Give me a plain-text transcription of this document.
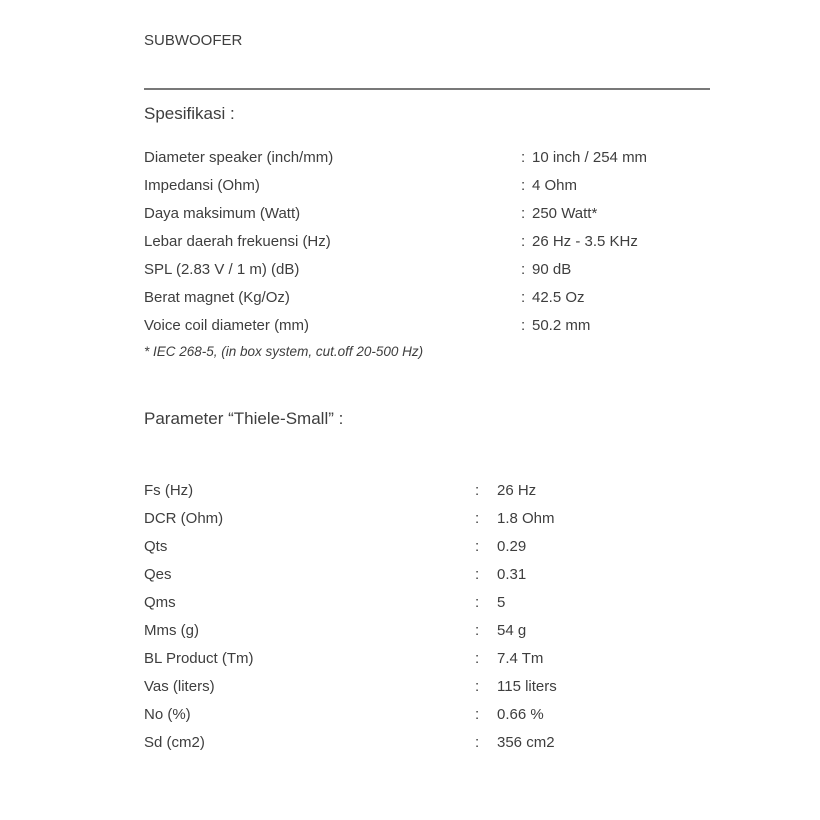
SUBWOOFER
Spesifikasi :
Diameter speaker (inch/mm)	: 10 inch / 254 mm
Impedansi (Ohm)	: 4 Ohm
Daya maksimum (Watt)	: 250 Watt*
Lebar daerah frekuensi (Hz)	: 26 Hz - 3.5 KHz
SPL (2.83 V / 1 m) (dB)	: 90 dB
Berat magnet (Kg/Oz)	: 42.5 Oz
Voice coil diameter (mm)	: 50.2 mm
* IEC 268-5, (in box system, cut.off 20-500 Hz)
Parameter “Thiele-Small” :
Fs (Hz)	:	26 Hz
DCR (Ohm)	:	1.8 Ohm
Qts	:	0.29
Qes	:	0.31
Qms	:	5
Mms (g)	:	54 g
BL Product (Tm)	:	7.4 Tm
Vas (liters)	:	115 liters
No (%)	:	0.66 %
Sd (cm2)	:	356 cm2
